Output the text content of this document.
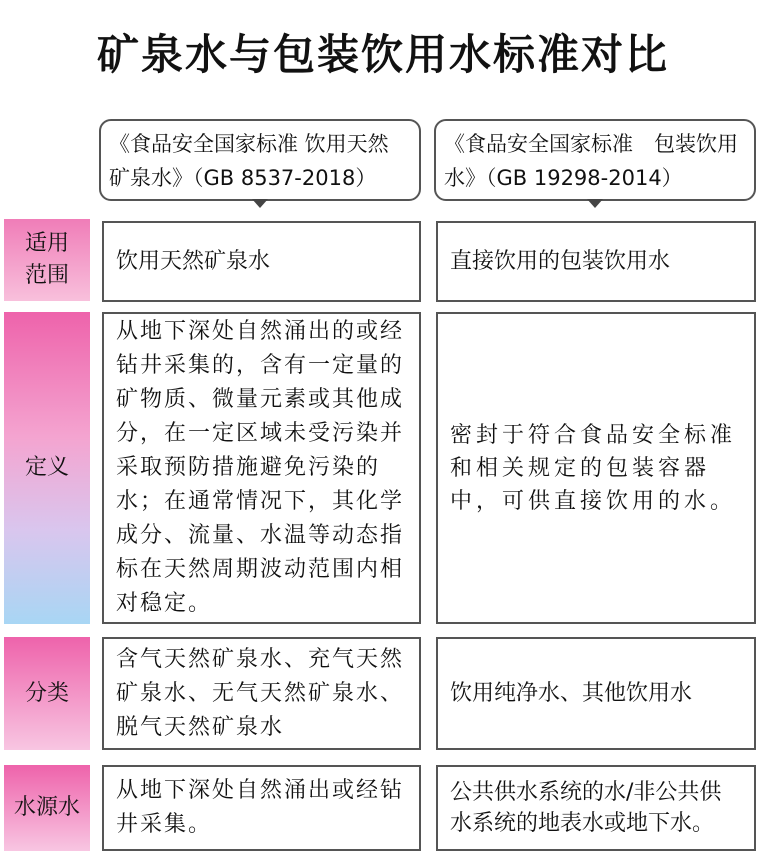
矿泉水与包装饮用水标准对比
《食品安全国家标准 饮用天然矿泉水》（GB 8537-2018）
《食品安全国家标准　包装饮用水》（GB 19298-2014）
适用范围
饮用天然矿泉水	直接饮用的包装饮用水
定义
从地下深处自然涌出的或经钻井采集的，含有一定量的矿物质、微量元素或其他成分，在一定区域未受污染并采取预防措施避免污染的水；在通常情况下，其化学成分、流量、水温等动态指标在天然周期波动范围内相对稳定。
密封于符合食品安全标准和相关规定的包装容器中，可供直接饮用的水。
分类
含气天然矿泉水、充气天然矿泉水、无气天然矿泉水、脱气天然矿泉水
饮用纯净水、其他饮用水
水源水
从地下深处自然涌出或经钻井采集。
公共供水系统的水/非公共供水系统的地表水或地下水。
